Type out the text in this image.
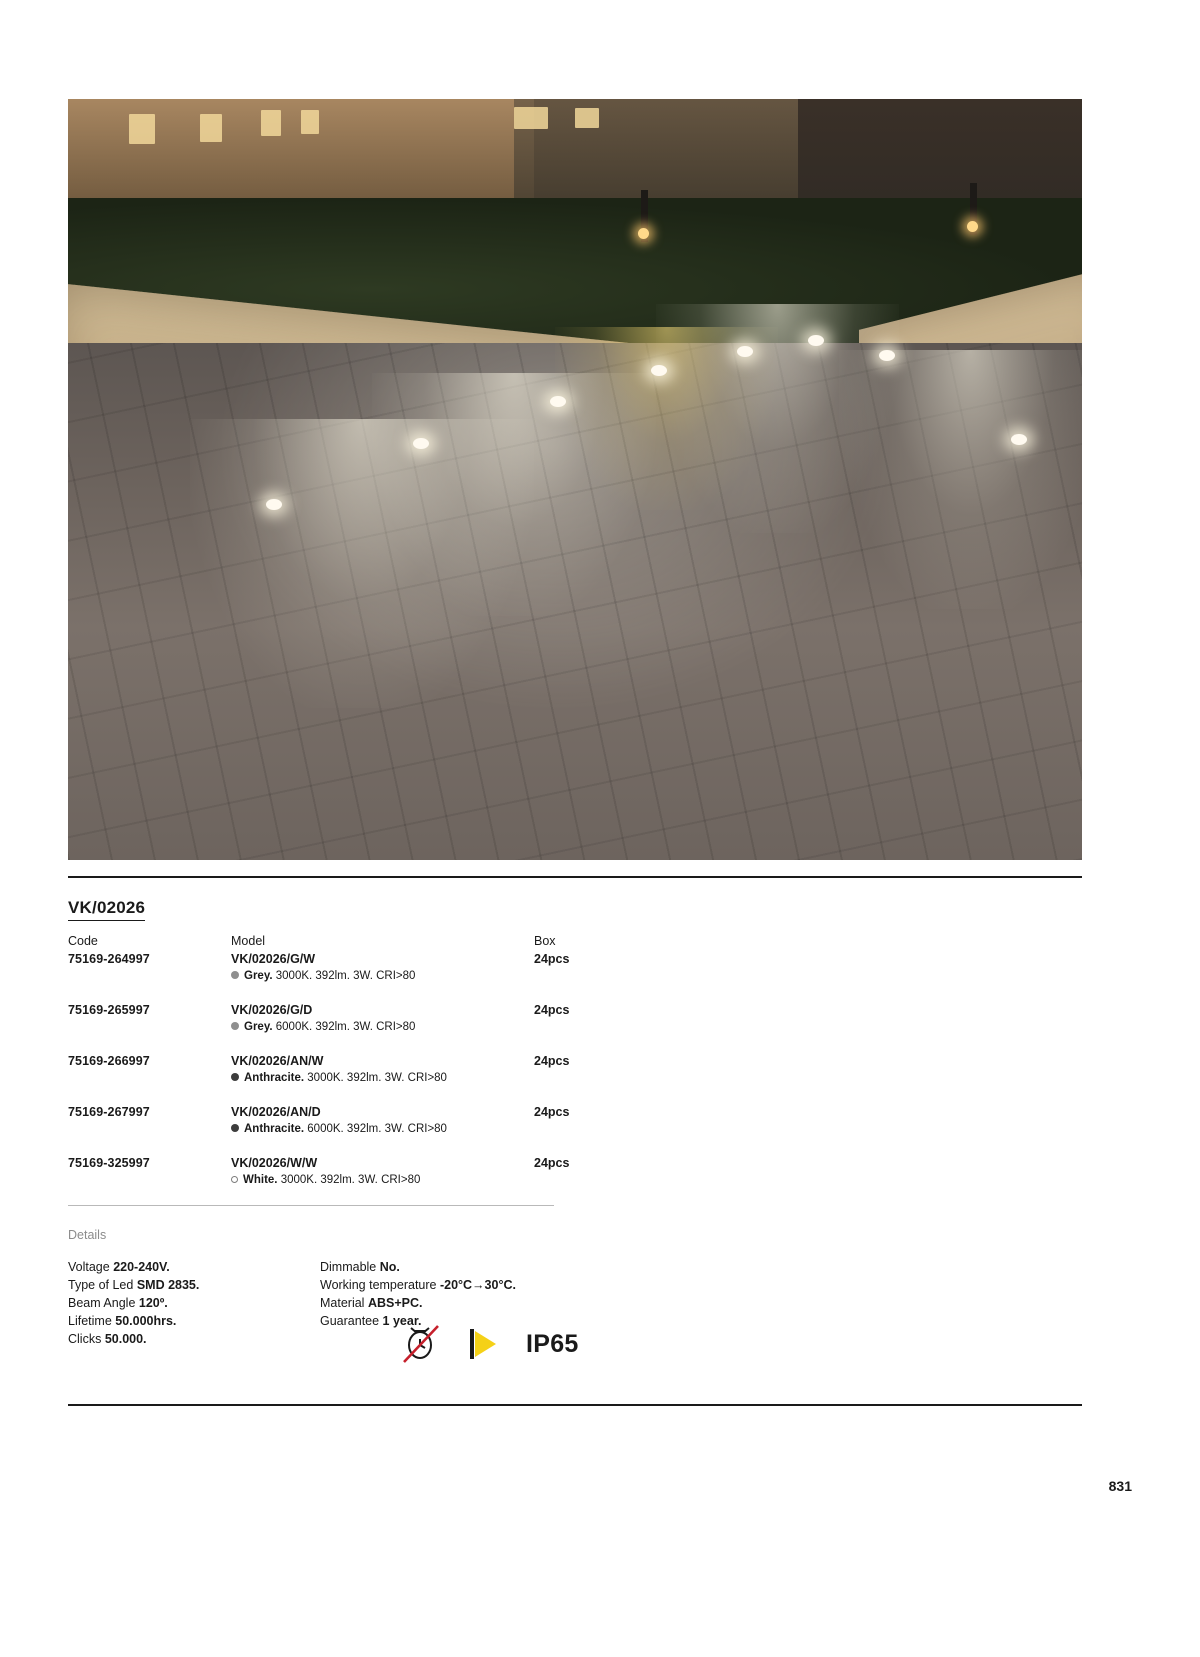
VK/02026
Code	Model	Box
75169-264997	VK/02026/G/W	24pcs
Grey. 3000K. 392lm. 3W. CRI>80
75169-265997	VK/02026/G/D	24pcs
Grey. 6000K. 392lm. 3W. CRI>80
75169-266997	VK/02026/AN/W	24pcs
Anthracite. 3000K. 392lm. 3W. CRI>80
75169-267997	VK/02026/AN/D	24pcs
Anthracite. 6000K. 392lm. 3W. CRI>80
75169-325997	VK/02026/W/W	24pcs
White. 3000K. 392lm. 3W. CRI>80
Details
Voltage 220-240V.
Type of Led SMD 2835.
Beam Angle 120º.
Lifetime 50.000hrs.
Clicks 50.000.
Dimmable No.
Working temperature -20°C→30°C.
Material ABS+PC.
Guarantee 1 year.
IP65
831
